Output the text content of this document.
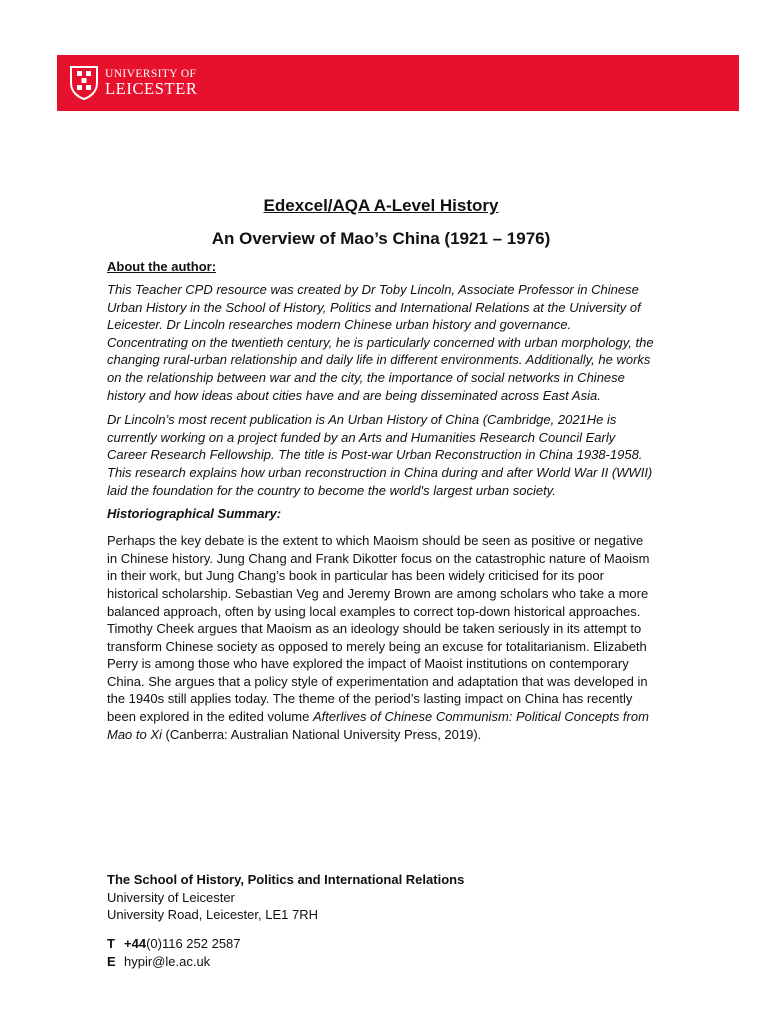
UNIVERSITY OF
LEICESTER
Edexcel/AQA A-Level History
An Overview of Mao’s China (1921 – 1976)
About the author:

This Teacher CPD resource was created by Dr Toby Lincoln, Associate Professor in Chinese Urban History in the School of History, Politics and International Relations at the University of Leicester. Dr Lincoln researches modern Chinese urban history and governance. Concentrating on the twentieth century, he is particularly concerned with urban morphology, the changing rural-urban relationship and daily life in different environments. Additionally, he works on the relationship between war and the city, the importance of social networks in Chinese history and how ideas about cities have and are being disseminated across East Asia.

Dr Lincoln’s most recent publication is An Urban History of China (Cambridge, 2021He is currently working on a project funded by an Arts and Humanities Research Council Early Career Research Fellowship. The title is Post-war Urban Reconstruction in China 1938-1958. This research explains how urban reconstruction in China during and after World War II (WWII) laid the foundation for the country to become the world's largest urban society.

Historiographical Summary:

Perhaps the key debate is the extent to which Maoism should be seen as positive or negative in Chinese history. Jung Chang and Frank Dikotter focus on the catastrophic nature of Maoism in their work, but Jung Chang’s book in particular has been widely criticised for its poor historical scholarship. Sebastian Veg and Jeremy Brown are among scholars who take a more balanced approach, often by using local examples to correct top-down historical approaches. Timothy Cheek argues that Maoism as an ideology should be taken seriously in its attempt to transform Chinese society as opposed to merely being an excuse for totalitarianism. Elizabeth Perry is among those who have explored the impact of Maoist institutions on contemporary China. She argues that a policy style of experimentation and adaptation that was developed in the 1940s still applies today. The theme of the period’s lasting impact on China has recently been explored in the edited volume Afterlives of Chinese Communism: Political Concepts from Mao to Xi (Canberra: Australian National University Press, 2019).

The School of History, Politics and International Relations
University of Leicester
University Road, Leicester, LE1 7RH
T +44(0)116 252 2587
E hypir@le.ac.uk
